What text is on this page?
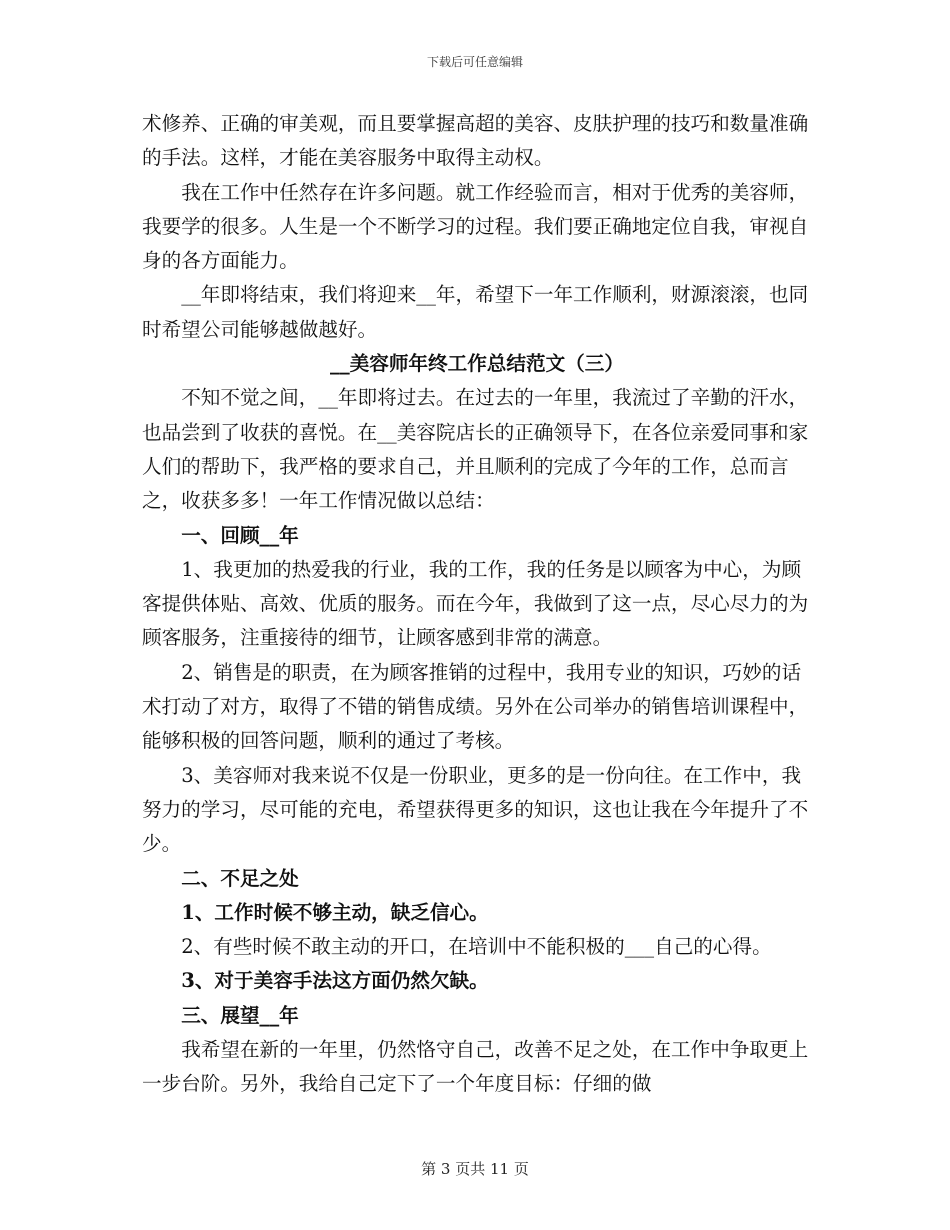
下载后可任意编辑

术修养、正确的审美观，而且要掌握高超的美容、皮肤护理的技巧和数量准确的手法。这样，才能在美容服务中取得主动权。

我在工作中任然存在许多问题。就工作经验而言，相对于优秀的美容师，我要学的很多。人生是一个不断学习的过程。我们要正确地定位自我，审视自身的各方面能力。

__年即将结束，我们将迎来__年，希望下一年工作顺利，财源滚滚，也同时希望公司能够越做越好。

__美容师年终工作总结范文（三）

不知不觉之间，__年即将过去。在过去的一年里，我流过了辛勤的汗水，也品尝到了收获的喜悦。在__美容院店长的正确领导下，在各位亲爱同事和家人们的帮助下，我严格的要求自己，并且顺利的完成了今年的工作，总而言之，收获多多！一年工作情况做以总结：

一、回顾__年

1、我更加的热爱我的行业，我的工作，我的任务是以顾客为中心，为顾客提供体贴、高效、优质的服务。而在今年，我做到了这一点，尽心尽力的为顾客服务，注重接待的细节，让顾客感到非常的满意。

2、销售是的职责，在为顾客推销的过程中，我用专业的知识，巧妙的话术打动了对方，取得了不错的销售成绩。另外在公司举办的销售培训课程中，能够积极的回答问题，顺利的通过了考核。

3、美容师对我来说不仅是一份职业，更多的是一份向往。在工作中，我努力的学习，尽可能的充电，希望获得更多的知识，这也让我在今年提升了不少。

二、不足之处

1、工作时候不够主动，缺乏信心。

2、有些时候不敢主动的开口，在培训中不能积极的___自己的心得。

3、对于美容手法这方面仍然欠缺。

三、展望__年

我希望在新的一年里，仍然恪守自己，改善不足之处，在工作中争取更上一步台阶。另外，我给自己定下了一个年度目标：仔细的做

第 3 页共 11 页
